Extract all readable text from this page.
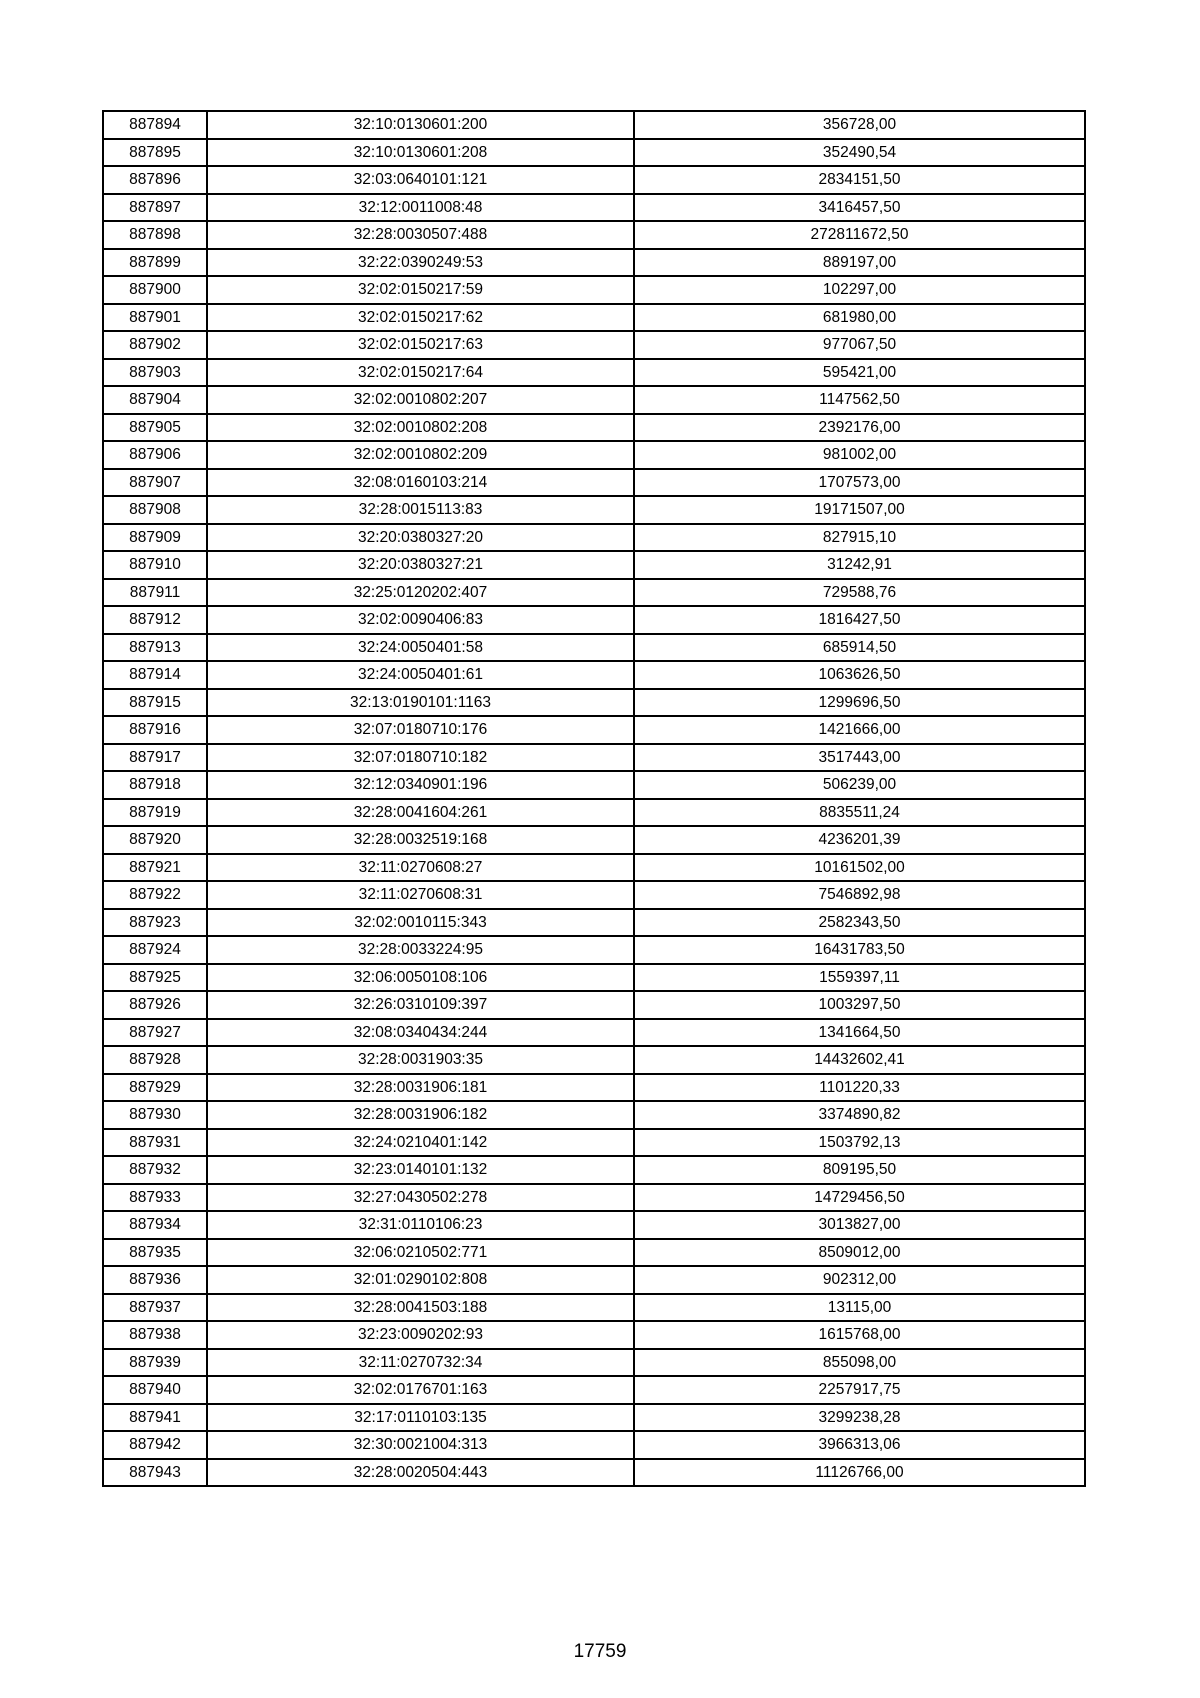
887894	32:10:0130601:200	356728,00
887895	32:10:0130601:208	352490,54
887896	32:03:0640101:121	2834151,50
887897	32:12:0011008:48	3416457,50
887898	32:28:0030507:488	272811672,50
887899	32:22:0390249:53	889197,00
887900	32:02:0150217:59	102297,00
887901	32:02:0150217:62	681980,00
887902	32:02:0150217:63	977067,50
887903	32:02:0150217:64	595421,00
887904	32:02:0010802:207	1147562,50
887905	32:02:0010802:208	2392176,00
887906	32:02:0010802:209	981002,00
887907	32:08:0160103:214	1707573,00
887908	32:28:0015113:83	19171507,00
887909	32:20:0380327:20	827915,10
887910	32:20:0380327:21	31242,91
887911	32:25:0120202:407	729588,76
887912	32:02:0090406:83	1816427,50
887913	32:24:0050401:58	685914,50
887914	32:24:0050401:61	1063626,50
887915	32:13:0190101:1163	1299696,50
887916	32:07:0180710:176	1421666,00
887917	32:07:0180710:182	3517443,00
887918	32:12:0340901:196	506239,00
887919	32:28:0041604:261	8835511,24
887920	32:28:0032519:168	4236201,39
887921	32:11:0270608:27	10161502,00
887922	32:11:0270608:31	7546892,98
887923	32:02:0010115:343	2582343,50
887924	32:28:0033224:95	16431783,50
887925	32:06:0050108:106	1559397,11
887926	32:26:0310109:397	1003297,50
887927	32:08:0340434:244	1341664,50
887928	32:28:0031903:35	14432602,41
887929	32:28:0031906:181	1101220,33
887930	32:28:0031906:182	3374890,82
887931	32:24:0210401:142	1503792,13
887932	32:23:0140101:132	809195,50
887933	32:27:0430502:278	14729456,50
887934	32:31:0110106:23	3013827,00
887935	32:06:0210502:771	8509012,00
887936	32:01:0290102:808	902312,00
887937	32:28:0041503:188	13115,00
887938	32:23:0090202:93	1615768,00
887939	32:11:0270732:34	855098,00
887940	32:02:0176701:163	2257917,75
887941	32:17:0110103:135	3299238,28
887942	32:30:0021004:313	3966313,06
887943	32:28:0020504:443	11126766,00
17759
